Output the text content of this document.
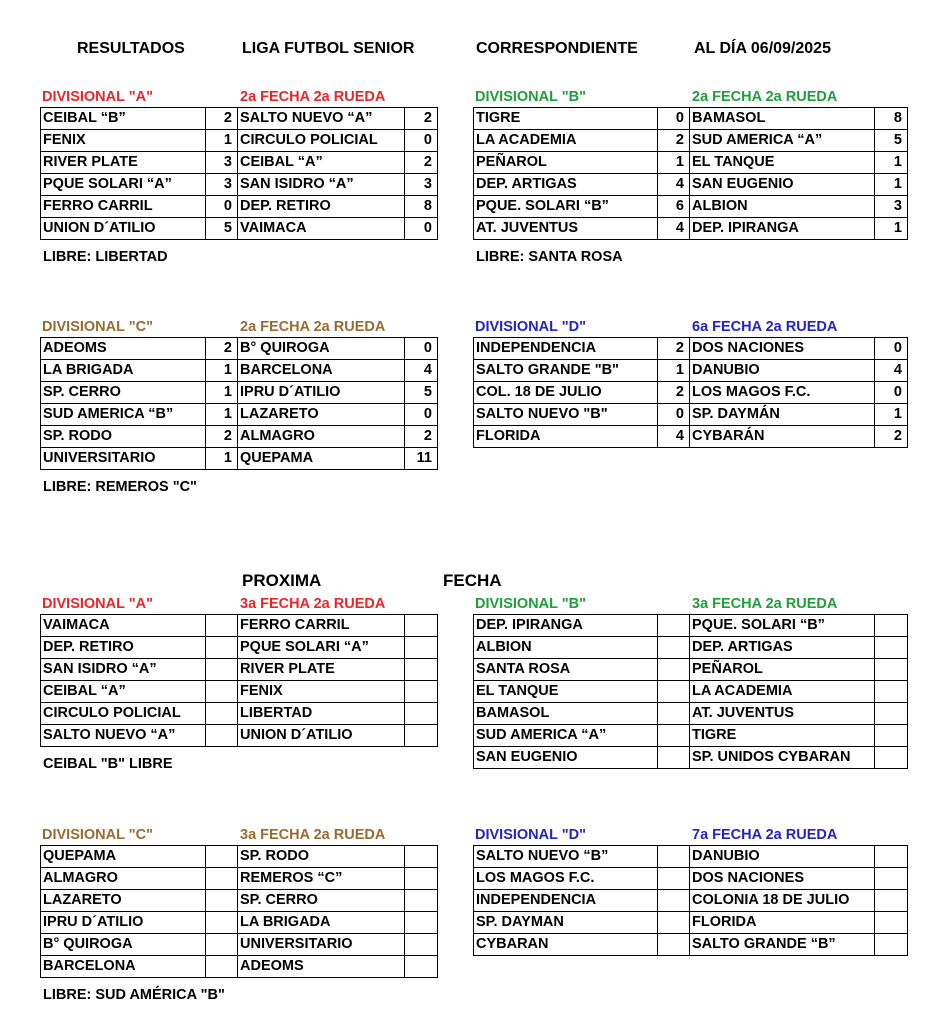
RESULTADOS	LIGA FUTBOL SENIOR	CORRESPONDIENTE	AL DÍA 06/09/2025
DIVISIONAL "A"	2a FECHA 2a RUEDA
CEIBAL “B”	2	SALTO NUEVO “A”	2
FENIX	1	CIRCULO POLICIAL	0
RIVER PLATE	3	CEIBAL “A”	2
PQUE SOLARI “A”	3	SAN ISIDRO “A”	3
FERRO CARRIL	0	DEP. RETIRO	8
UNION D´ATILIO	5	VAIMACA	0
LIBRE: LIBERTAD
DIVISIONAL "B"	2a FECHA 2a RUEDA
TIGRE	0	BAMASOL	8
LA ACADEMIA	2	SUD AMERICA “A”	5
PEÑAROL	1	EL TANQUE	1
DEP. ARTIGAS	4	SAN EUGENIO	1
PQUE. SOLARI “B”	6	ALBION	3
AT. JUVENTUS	4	DEP. IPIRANGA	1
LIBRE: SANTA ROSA
DIVISIONAL "C"	2a FECHA 2a RUEDA
ADEOMS	2	B° QUIROGA	0
LA BRIGADA	1	BARCELONA	4
SP. CERRO	1	IPRU D´ATILIO	5
SUD AMERICA “B”	1	LAZARETO	0
SP. RODO	2	ALMAGRO	2
UNIVERSITARIO	1	QUEPAMA	11
LIBRE: REMEROS "C"
DIVISIONAL "D"	6a FECHA 2a RUEDA
INDEPENDENCIA	2	DOS NACIONES	0
SALTO GRANDE "B"	1	DANUBIO	4
COL. 18 DE JULIO	2	LOS MAGOS F.C.	0
SALTO NUEVO "B"	0	SP. DAYMÁN	1
FLORIDA	4	CYBARÁN	2
PROXIMA	FECHA
DIVISIONAL "A"	3a FECHA 2a RUEDA
VAIMACA		FERRO CARRIL	
DEP. RETIRO		PQUE SOLARI “A”	
SAN ISIDRO “A”		RIVER PLATE	
CEIBAL “A”		FENIX	
CIRCULO POLICIAL		LIBERTAD	
SALTO NUEVO “A”		UNION D´ATILIO	
CEIBAL "B" LIBRE
DIVISIONAL "B"	3a FECHA 2a RUEDA
DEP. IPIRANGA		PQUE. SOLARI “B”	
ALBION		DEP. ARTIGAS	
SANTA ROSA		PEÑAROL	
EL TANQUE		LA ACADEMIA	
BAMASOL		AT. JUVENTUS	
SUD AMERICA “A”		TIGRE	
SAN EUGENIO		SP. UNIDOS CYBARAN	
DIVISIONAL "C"	3a FECHA 2a RUEDA
QUEPAMA		SP. RODO	
ALMAGRO		REMEROS “C”	
LAZARETO		SP. CERRO	
IPRU D´ATILIO		LA BRIGADA	
B° QUIROGA		UNIVERSITARIO	
BARCELONA		ADEOMS	
LIBRE: SUD AMÉRICA "B"
DIVISIONAL "D"	7a FECHA 2a RUEDA
SALTO NUEVO “B”		DANUBIO	
LOS MAGOS F.C.		DOS NACIONES	
INDEPENDENCIA		COLONIA 18 DE JULIO	
SP. DAYMAN		FLORIDA	
CYBARAN		SALTO GRANDE “B”	
